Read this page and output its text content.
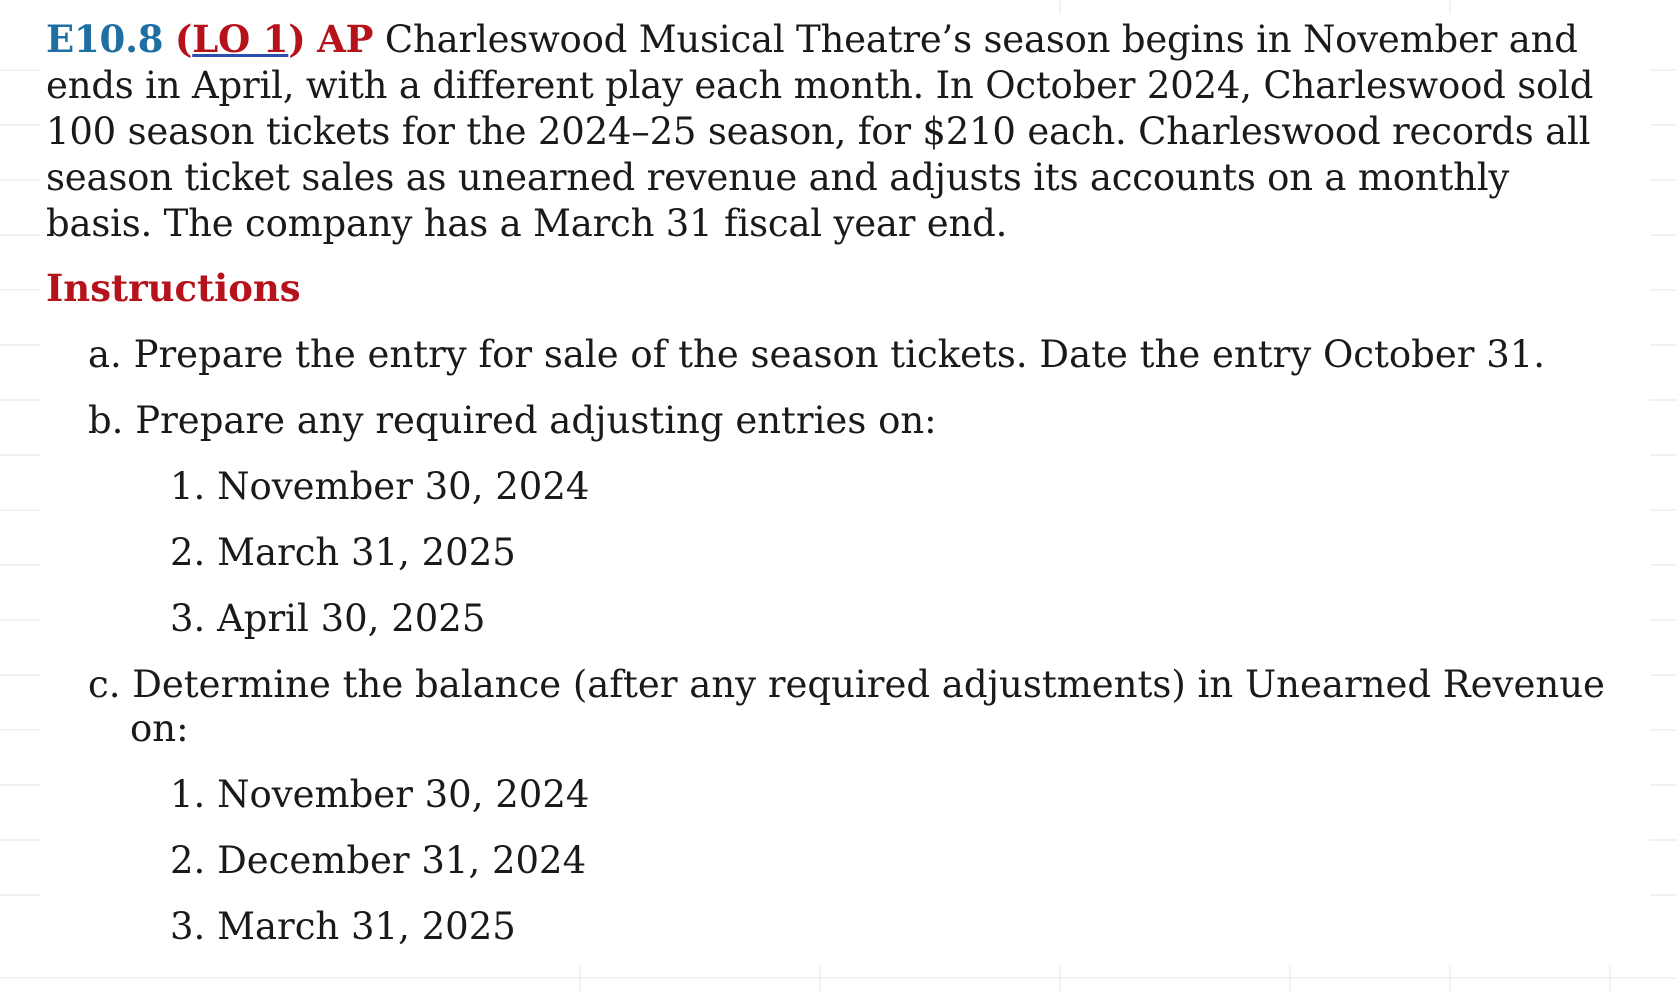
E10.8 (LO 1) AP Charleswood Musical Theatre’s season begins in November and ends in April, with a different play each month. In October 2024, Charleswood sold 100 season tickets for the 2024–25 season, for $210 each. Charleswood records all season ticket sales as unearned revenue and adjusts its accounts on a monthly basis. The company has a March 31 fiscal year end.

Instructions
a. Prepare the entry for sale of the season tickets. Date the entry October 31.
b. Prepare any required adjusting entries on:
1. November 30, 2024
2. March 31, 2025
3. April 30, 2025
c. Determine the balance (after any required adjustments) in Unearned Revenue on:
1. November 30, 2024
2. December 31, 2024
3. March 31, 2025
